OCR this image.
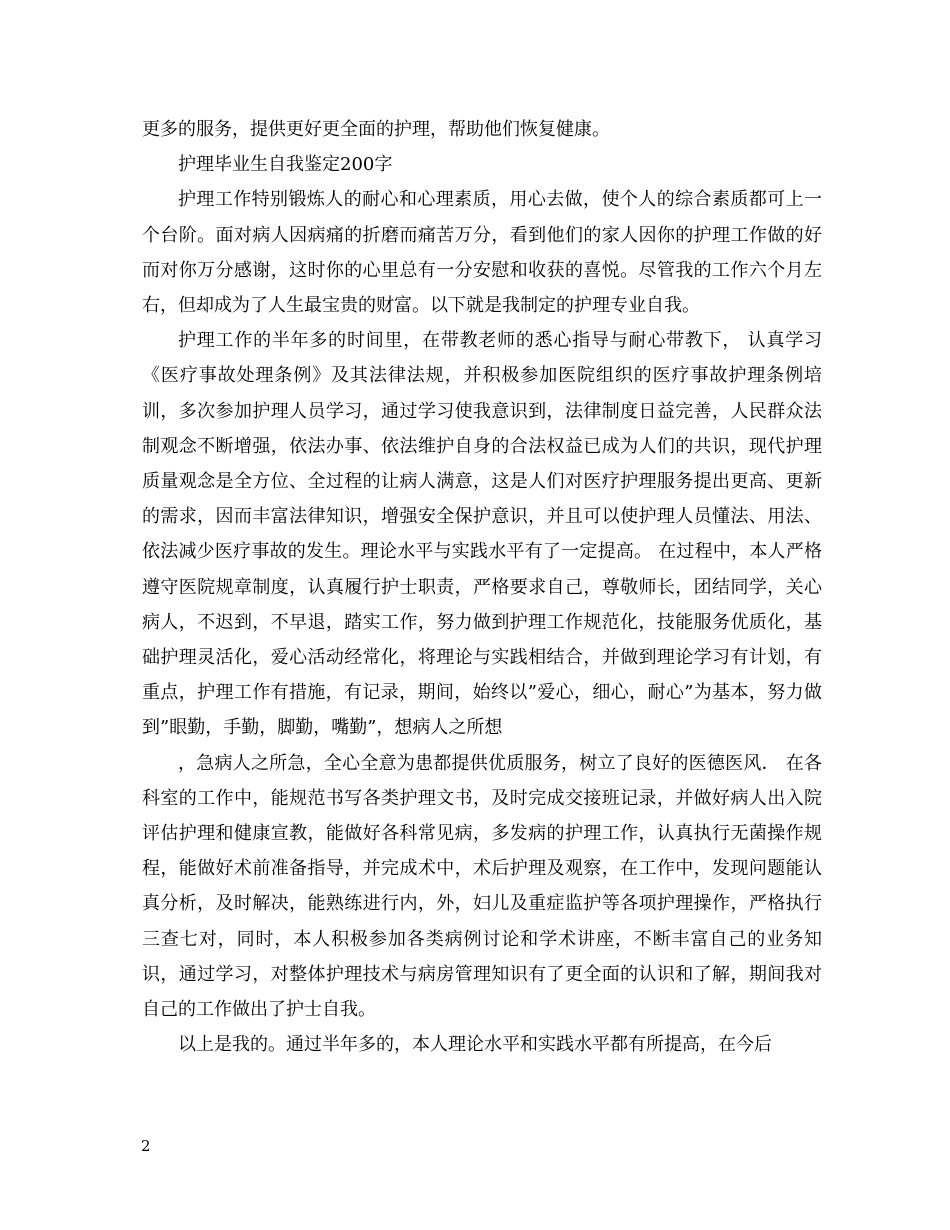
更多的服务，提供更好更全面的护理，帮助他们恢复健康。

护理毕业生自我鉴定200字

护理工作特别锻炼人的耐心和心理素质，用心去做，使个人的综合素质都可上一个台阶。面对病人因病痛的折磨而痛苦万分，看到他们的家人因你的护理工作做的好而对你万分感谢，这时你的心里总有一分安慰和收获的喜悦。尽管我的工作六个月左右，但却成为了人生最宝贵的财富。以下就是我制定的护理专业自我。

护理工作的半年多的时间里，在带教老师的悉心指导与耐心带教下， 认真学习《医疗事故处理条例》及其法律法规，并积极参加医院组织的医疗事故护理条例培训，多次参加护理人员学习，通过学习使我意识到，法律制度日益完善，人民群众法制观念不断增强，依法办事、依法维护自身的合法权益已成为人们的共识，现代护理质量观念是全方位、全过程的让病人满意，这是人们对医疗护理服务提出更高、更新的需求，因而丰富法律知识，增强安全保护意识，并且可以使护理人员懂法、用法、依法减少医疗事故的发生。理论水平与实践水平有了一定提高。 在过程中，本人严格遵守医院规章制度，认真履行护士职责，严格要求自己，尊敬师长，团结同学，关心病人，不迟到，不早退，踏实工作，努力做到护理工作规范化，技能服务优质化，基础护理灵活化，爱心活动经常化，将理论与实践相结合，并做到理论学习有计划，有重点，护理工作有措施，有记录，期间，始终以”爱心，细心，耐心”为基本，努力做到”眼勤，手勤，脚勤，嘴勤”，想病人之所想

，急病人之所急，全心全意为患都提供优质服务，树立了良好的医德医风． 在各科室的工作中，能规范书写各类护理文书，及时完成交接班记录，并做好病人出入院评估护理和健康宣教，能做好各科常见病，多发病的护理工作，认真执行无菌操作规程，能做好术前准备指导，并完成术中，术后护理及观察，在工作中，发现问题能认真分析，及时解决，能熟练进行内，外，妇儿及重症监护等各项护理操作，严格执行三查七对，同时，本人积极参加各类病例讨论和学术讲座，不断丰富自己的业务知识，通过学习，对整体护理技术与病房管理知识有了更全面的认识和了解，期间我对自己的工作做出了护士自我。

以上是我的。通过半年多的，本人理论水平和实践水平都有所提高，在今后

2
